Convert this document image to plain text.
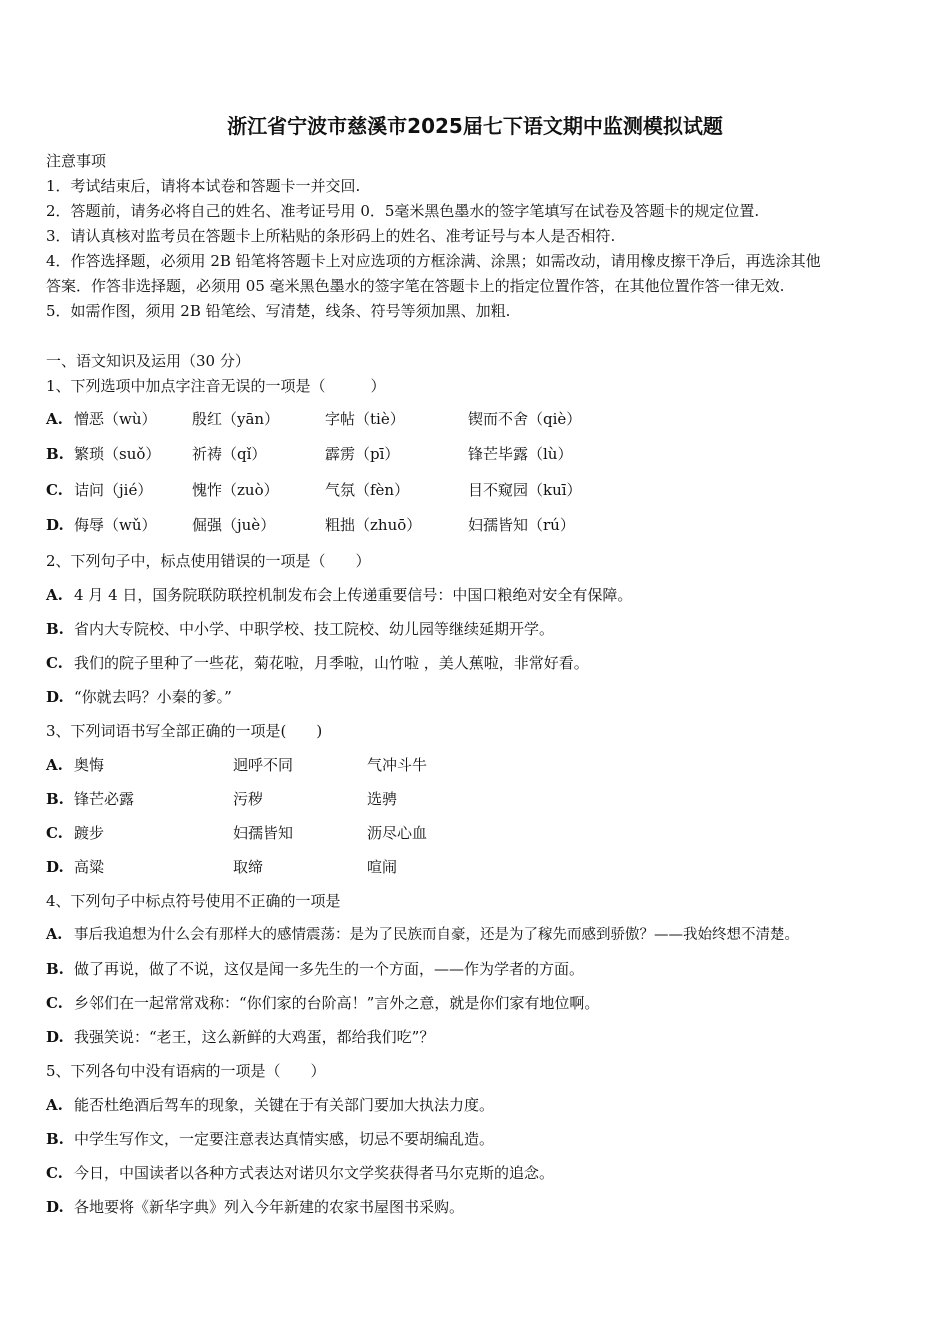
浙江省宁波市慈溪市2025届七下语文期中监测模拟试题
注意事项
1．考试结束后，请将本试卷和答题卡一并交回.
2．答题前，请务必将自己的姓名、准考证号用 0．5毫米黑色墨水的签字笔填写在试卷及答题卡的规定位置.
3．请认真核对监考员在答题卡上所粘贴的条形码上的姓名、准考证号与本人是否相符.
4．作答选择题，必须用 2B 铅笔将答题卡上对应选项的方框涂满、涂黑；如需改动，请用橡皮擦干净后，再选涂其他
答案．作答非选择题，必须用 05 毫米黑色墨水的签字笔在答题卡上的指定位置作答，在其他位置作答一律无效.
5．如需作图，须用 2B 铅笔绘、写清楚，线条、符号等须加黑、加粗.
一、语文知识及运用（30 分）
1、下列选项中加点字注音无误的一项是（　　　）
A. 憎恶（wù） 殷红（yān）	字帖（tiè）	锲而不舍（qiè）
B. 繁琐（suǒ） 祈祷（qǐ）	霹雳（pī）	锋芒毕露（lù）
C. 诘问（jié）	愧怍（zuò）	气氛（fèn）	目不窥园（kuī）
D. 侮辱（wǔ） 倔强（juè）	粗拙（zhuō）	妇孺皆知（rú）
2、下列句子中，标点使用错误的一项是（　　）
A. 4 月 4 日，国务院联防联控机制发布会上传递重要信号：中国口粮绝对安全有保障。
B. 省内大专院校、中小学、中职学校、技工院校、幼儿园等继续延期开学。
C. 我们的院子里种了一些花，菊花啦，月季啦，山竹啦 ，美人蕉啦，非常好看。
D. “你就去吗？小秦的爹。”
3、下列词语书写全部正确的一项是(　　)
A. 奥悔	迥呼不同	气冲斗牛
B. 锋芒必露	污秽	选骋
C. 踱步	妇孺皆知	沥尽心血
D. 高粱	取缔	喧闹
4、下列句子中标点符号使用不正确的一项是
A. 事后我追想为什么会有那样大的感情震荡：是为了民族而自豪，还是为了稼先而感到骄傲？——我始终想不清楚。
B. 做了再说，做了不说，这仅是闻一多先生的一个方面，——作为学者的方面。
C. 乡邻们在一起常常戏称：“你们家的台阶高！”言外之意，就是你们家有地位啊。
D. 我强笑说：“老王，这么新鲜的大鸡蛋，都给我们吃”？
5、下列各句中没有语病的一项是（　　）
A. 能否杜绝酒后驾车的现象，关键在于有关部门要加大执法力度。
B. 中学生写作文，一定要注意表达真情实感，切忌不要胡编乱造。
C. 今日，中国读者以各种方式表达对诺贝尔文学奖获得者马尔克斯的追念。
D. 各地要将《新华字典》列入今年新建的农家书屋图书采购。
